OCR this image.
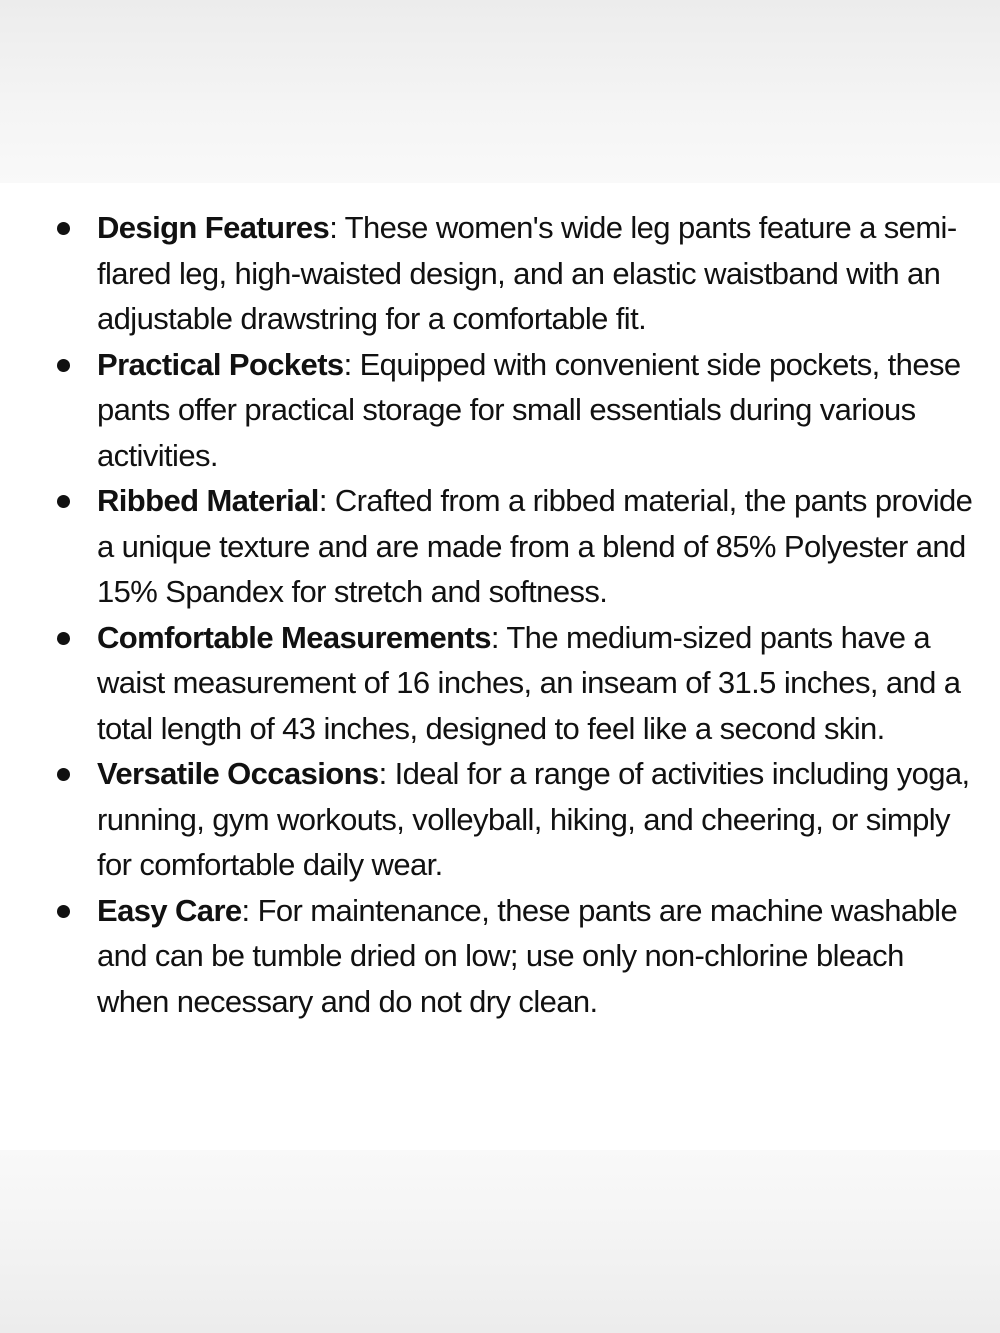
Design Features: These women's wide leg pants feature a semi-flared leg, high-waisted design, and an elastic waistband with an adjustable drawstring for a comfortable fit.
Practical Pockets: Equipped with convenient side pockets, these pants offer practical storage for small essentials during various activities.
Ribbed Material: Crafted from a ribbed material, the pants provide a unique texture and are made from a blend of 85% Polyester and 15% Spandex for stretch and softness.
Comfortable Measurements: The medium-sized pants have a waist measurement of 16 inches, an inseam of 31.5 inches, and a total length of 43 inches, designed to feel like a second skin.
Versatile Occasions: Ideal for a range of activities including yoga, running, gym workouts, volleyball, hiking, and cheering, or simply for comfortable daily wear.
Easy Care: For maintenance, these pants are machine washable and can be tumble dried on low; use only non-chlorine bleach when necessary and do not dry clean.
